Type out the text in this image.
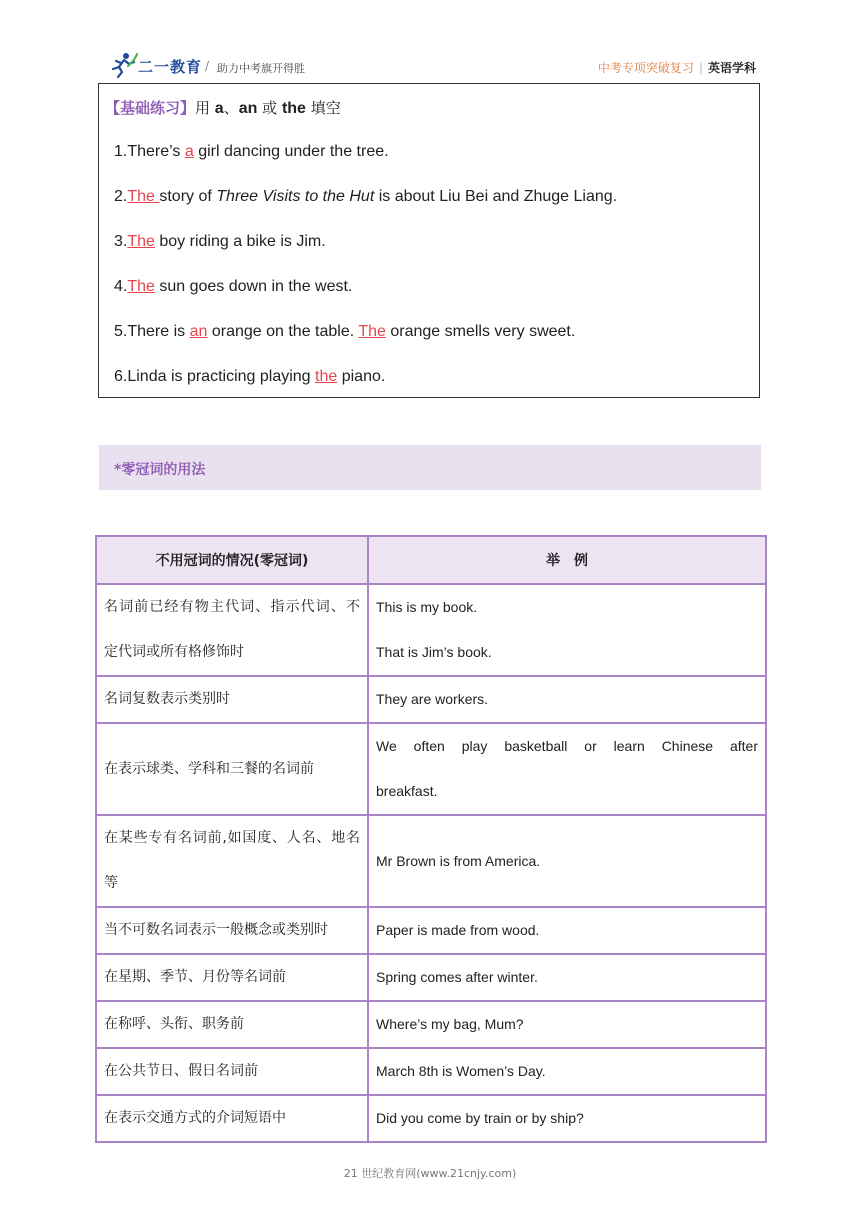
二一教育 / 助力中考旗开得胜	中考专项突破复习 | 英语学科
【基础练习】用 a、an 或 the 填空
1.There’s a girl dancing under the tree.
2.The story of Three Visits to the Hut is about Liu Bei and Zhuge Liang.
3.The boy riding a bike is Jim.
4.The sun goes down in the west.
5.There is an orange on the table. The orange smells very sweet.
6.Linda is practicing playing the piano.
*零冠词的用法
不用冠词的情况(零冠词)	举　例

名词前已经有物主代词、指示代词、不
定代词或所有格修饰时	This is my book.
That is Jim’s book.

名词复数表示类别时	They are workers.
在表示球类、学科和三餐的名词前	We often play basketball or learn Chinese after
breakfast.

在某些专有名词前,如国度、人名、地名
等	Mr Brown is from America.
当不可数名词表示一般概念或类别时	Paper is made from wood.
在星期、季节、月份等名词前	Spring comes after winter.
在称呼、头衔、职务前	Where’s my bag, Mum?
在公共节日、假日名词前	March 8th is Women’s Day.
在表示交通方式的介词短语中	Did you come by train or by ship?
21 世纪教育网(www.21cnjy.com)
